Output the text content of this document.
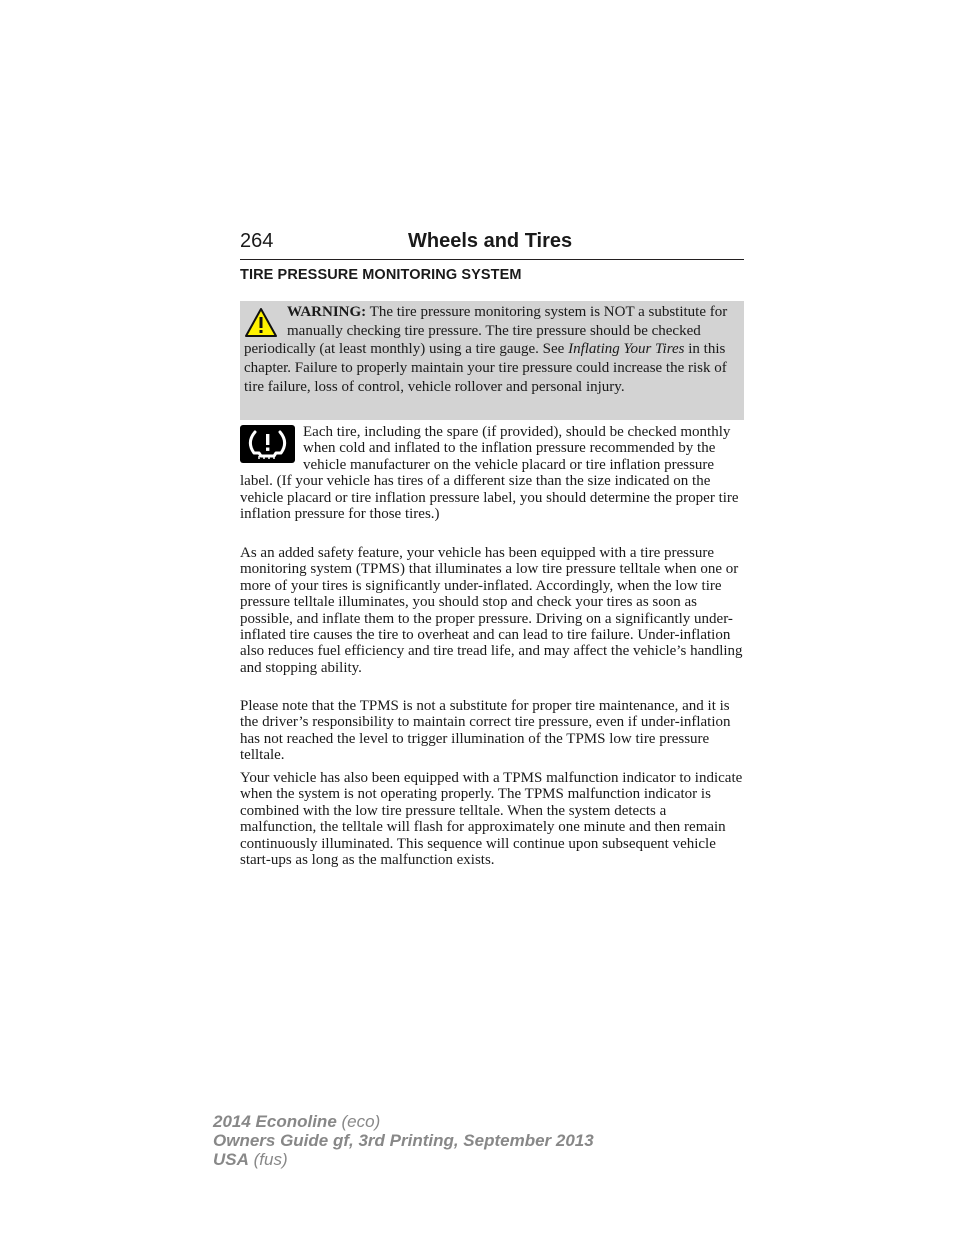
264	Wheels and Tires
TIRE PRESSURE MONITORING SYSTEM
WARNING: The tire pressure monitoring system is NOT a substitute for manually checking tire pressure. The tire pressure should be checked periodically (at least monthly) using a tire gauge. See Inflating Your Tires in this chapter. Failure to properly maintain your tire pressure could increase the risk of tire failure, loss of control, vehicle rollover and personal injury.

Each tire, including the spare (if provided), should be checked monthly when cold and inflated to the inflation pressure recommended by the vehicle manufacturer on the vehicle placard or tire inflation pressure label. (If your vehicle has tires of a different size than the size indicated on the vehicle placard or tire inflation pressure label, you should determine the proper tire inflation pressure for those tires.)

As an added safety feature, your vehicle has been equipped with a tire pressure monitoring system (TPMS) that illuminates a low tire pressure telltale when one or more of your tires is significantly under-inflated. Accordingly, when the low tire pressure telltale illuminates, you should stop and check your tires as soon as possible, and inflate them to the proper pressure. Driving on a significantly under-inflated tire causes the tire to overheat and can lead to tire failure. Under-inflation also reduces fuel efficiency and tire tread life, and may affect the vehicle’s handling and stopping ability.

Please note that the TPMS is not a substitute for proper tire maintenance, and it is the driver’s responsibility to maintain correct tire pressure, even if under-inflation has not reached the level to trigger illumination of the TPMS low tire pressure telltale.

Your vehicle has also been equipped with a TPMS malfunction indicator to indicate when the system is not operating properly. The TPMS malfunction indicator is combined with the low tire pressure telltale. When the system detects a malfunction, the telltale will flash for approximately one minute and then remain continuously illuminated. This sequence will continue upon subsequent vehicle start-ups as long as the malfunction exists.

2014 Econoline (eco)
Owners Guide gf, 3rd Printing, September 2013
USA (fus)
